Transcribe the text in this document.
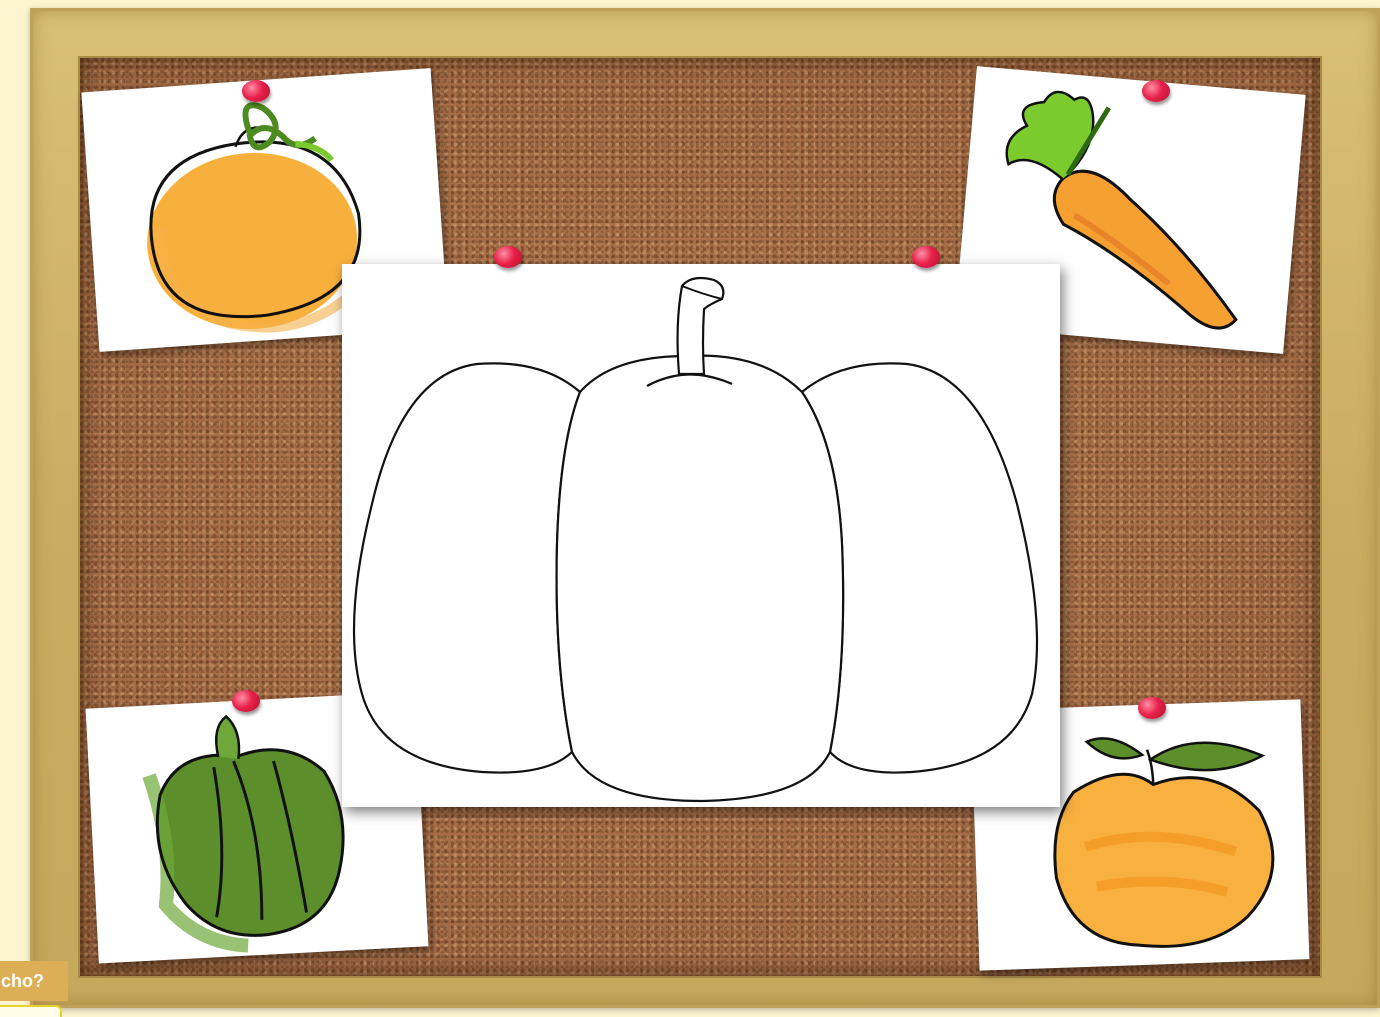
cho?
